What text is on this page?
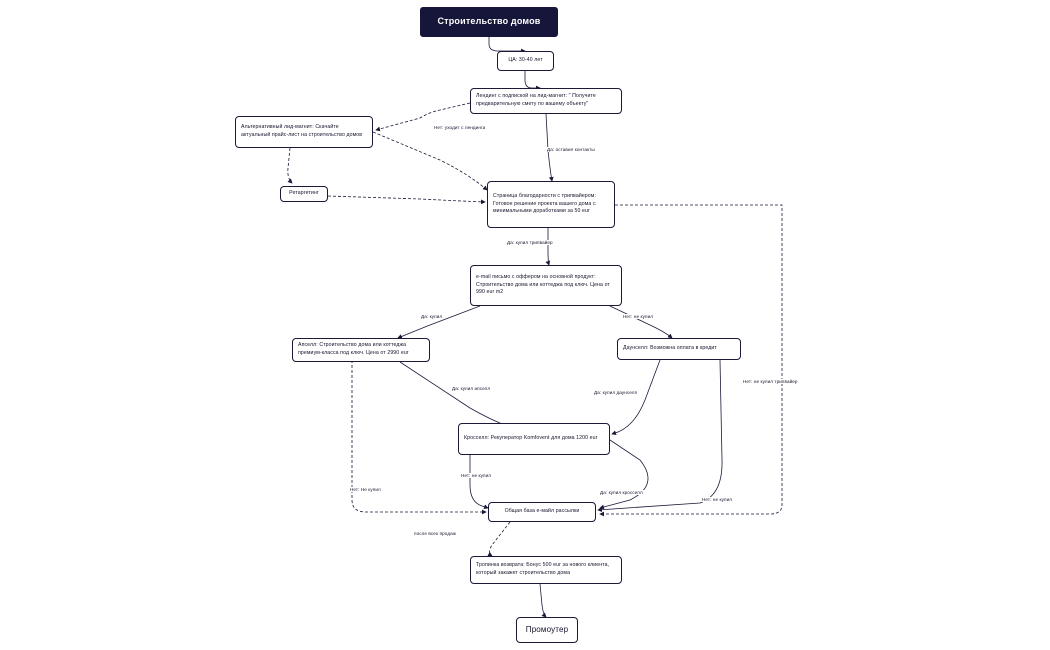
Строительство домов
ЦА: 30-40 лет
Лендинг с подпиской на лид-магнит: " Получите предварительную смету по вашему объекту"
Альтернативный лид-магнит: Скачайте актуальный прайс-лист на строительство домов
Ретаргетинг	Страница благодарности с трипвайером: Готовое решение проекта вашего дома с минимальными доработками за 50 eur
e-mail письмо с оффером на основной продукт: Строительство дома или коттеджа под ключ. Цена от 990 eur m2
Апселл: Строительство дома или коттеджа премиум-класса под ключ. Цена от 2990 eur
Даунселл: Возможна оплата в кредит
Кросселл: Рекуператор Komfovent для дома 1200 eur
Общая база е-майл рассылки
Тропинка возврата: Бонус 500 eur за нового клиента, который закажет строительство дома
Промоутер
Нет: уходит с лендинга
Да: оставил контакты
Да: купил трипвайер
Да: купил	Нет: не купил
Да: купил апселл
Да: купил даунселл
Нет: не купил трипвайер
Нет: Не купил
Нет: не купил
Да: купил кросселл
Нет: не купил
после всех продаж
